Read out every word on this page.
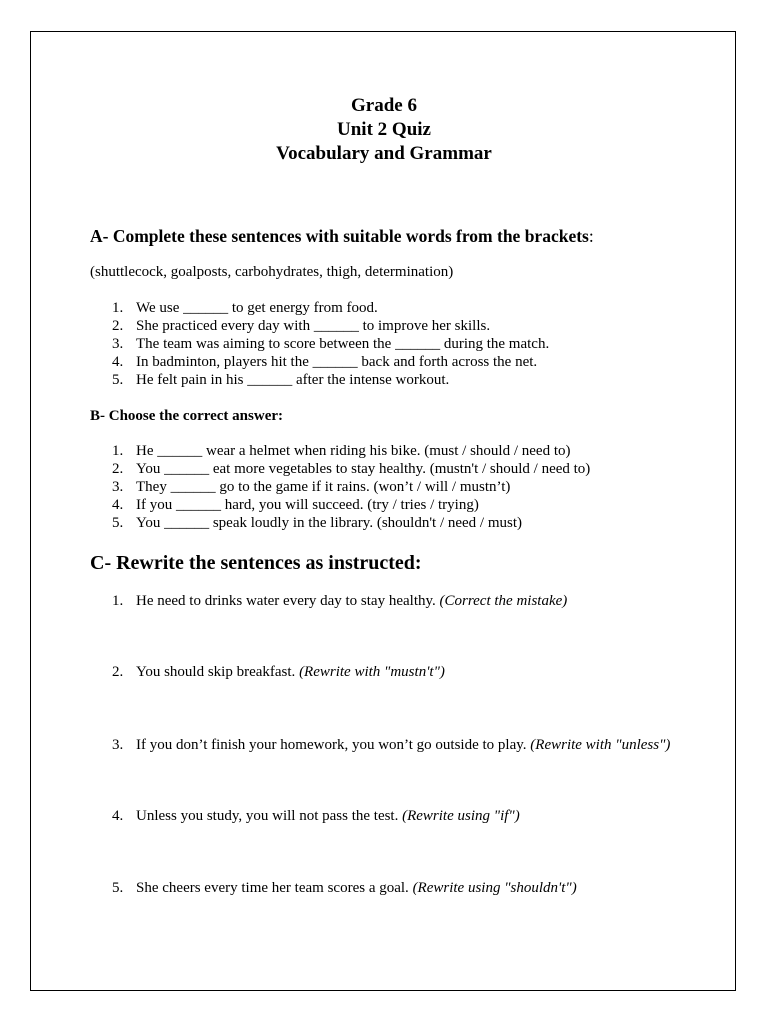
Grade 6
Unit 2 Quiz
Vocabulary and Grammar
A- Complete these sentences with suitable words from the brackets:
(shuttlecock, goalposts, carbohydrates, thigh, determination)
1. We use ______ to get energy from food.
2. She practiced every day with ______ to improve her skills.
3. The team was aiming to score between the ______ during the match.
4. In badminton, players hit the ______ back and forth across the net.
5. He felt pain in his ______ after the intense workout.
B- Choose the correct answer:
1. He ______ wear a helmet when riding his bike. (must / should / need to)
2. You ______ eat more vegetables to stay healthy. (mustn't / should / need to)
3. They ______ go to the game if it rains. (won’t / will / mustn’t)
4. If you ______ hard, you will succeed. (try / tries / trying)
5. You ______ speak loudly in the library. (shouldn't / need / must)
C- Rewrite the sentences as instructed:
1. He need to drinks water every day to stay healthy. (Correct the mistake)
2. You should skip breakfast. (Rewrite with "mustn't")
3. If you don’t finish your homework, you won’t go outside to play. (Rewrite with "unless")
4. Unless you study, you will not pass the test. (Rewrite using "if")
5. She cheers every time her team scores a goal. (Rewrite using "shouldn't")
